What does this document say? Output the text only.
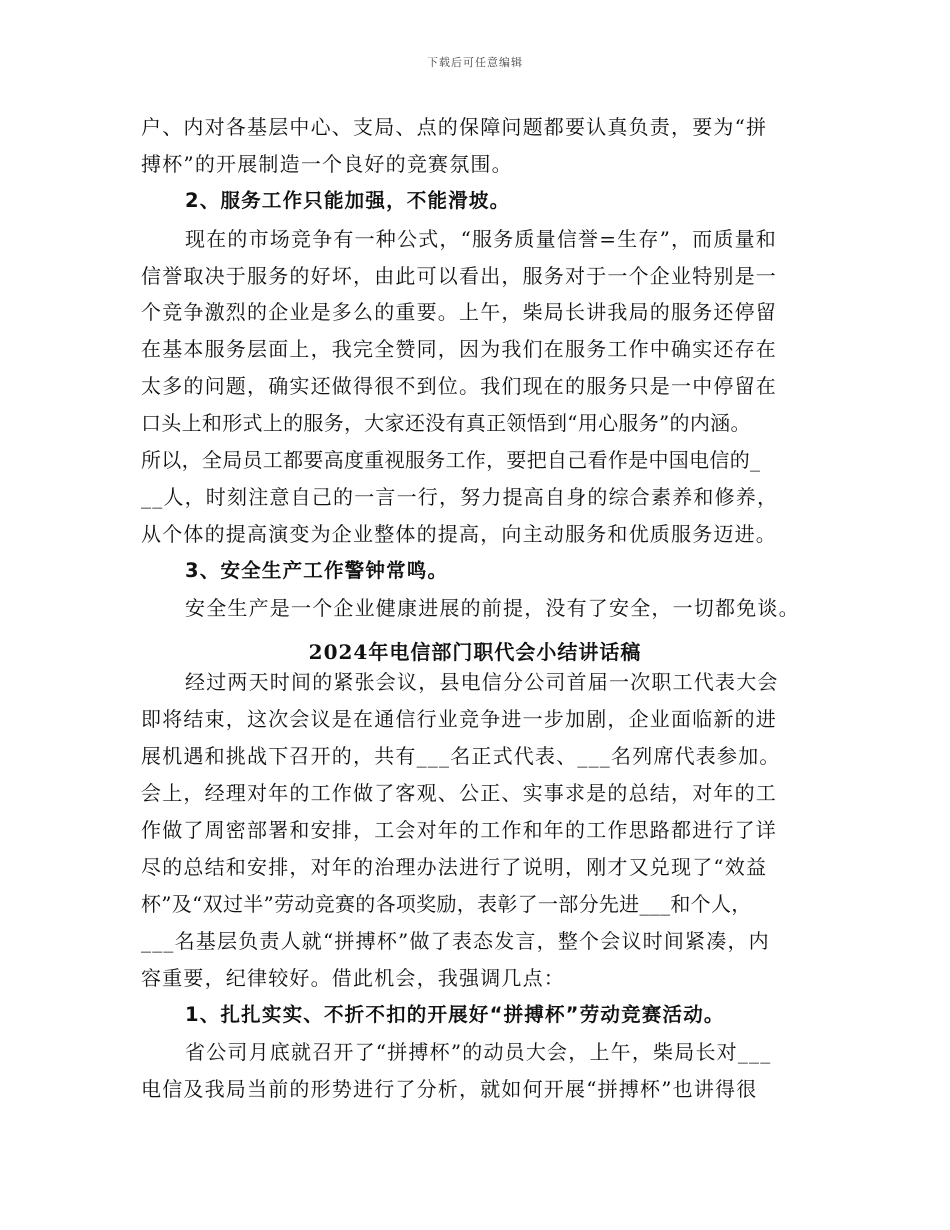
下载后可任意编辑
户、内对各基层中心、支局、点的保障问题都要认真负责，要为“拼
搏杯”的开展制造一个良好的竞赛氛围。
2、服务工作只能加强，不能滑坡。
现在的市场竞争有一种公式，“服务质量信誉=生存”，而质量和
信誉取决于服务的好坏，由此可以看出，服务对于一个企业特别是一
个竞争激烈的企业是多么的重要。上午，柴局长讲我局的服务还停留
在基本服务层面上，我完全赞同，因为我们在服务工作中确实还存在
太多的问题，确实还做得很不到位。我们现在的服务只是一中停留在
口头上和形式上的服务，大家还没有真正领悟到“用心服务”的内涵。
所以，全局员工都要高度重视服务工作，要把自己看作是中国电信的_
__人，时刻注意自己的一言一行，努力提高自身的综合素养和修养，
从个体的提高演变为企业整体的提高，向主动服务和优质服务迈进。
3、安全生产工作警钟常鸣。
安全生产是一个企业健康进展的前提，没有了安全，一切都免谈。
2024年电信部门职代会小结讲话稿
经过两天时间的紧张会议，县电信分公司首届一次职工代表大会
即将结束，这次会议是在通信行业竞争进一步加剧，企业面临新的进
展机遇和挑战下召开的，共有___名正式代表、___名列席代表参加。
会上，经理对年的工作做了客观、公正、实事求是的总结，对年的工
作做了周密部署和安排，工会对年的工作和年的工作思路都进行了详
尽的总结和安排，对年的治理办法进行了说明，刚才又兑现了“效益
杯”及“双过半”劳动竞赛的各项奖励，表彰了一部分先进___和个人，
___名基层负责人就“拼搏杯”做了表态发言，整个会议时间紧凑，内
容重要，纪律较好。借此机会，我强调几点：
1、扎扎实实、不折不扣的开展好“拼搏杯”劳动竞赛活动。
省公司月底就召开了“拼搏杯”的动员大会，上午，柴局长对___
电信及我局当前的形势进行了分析，就如何开展“拼搏杯”也讲得很
